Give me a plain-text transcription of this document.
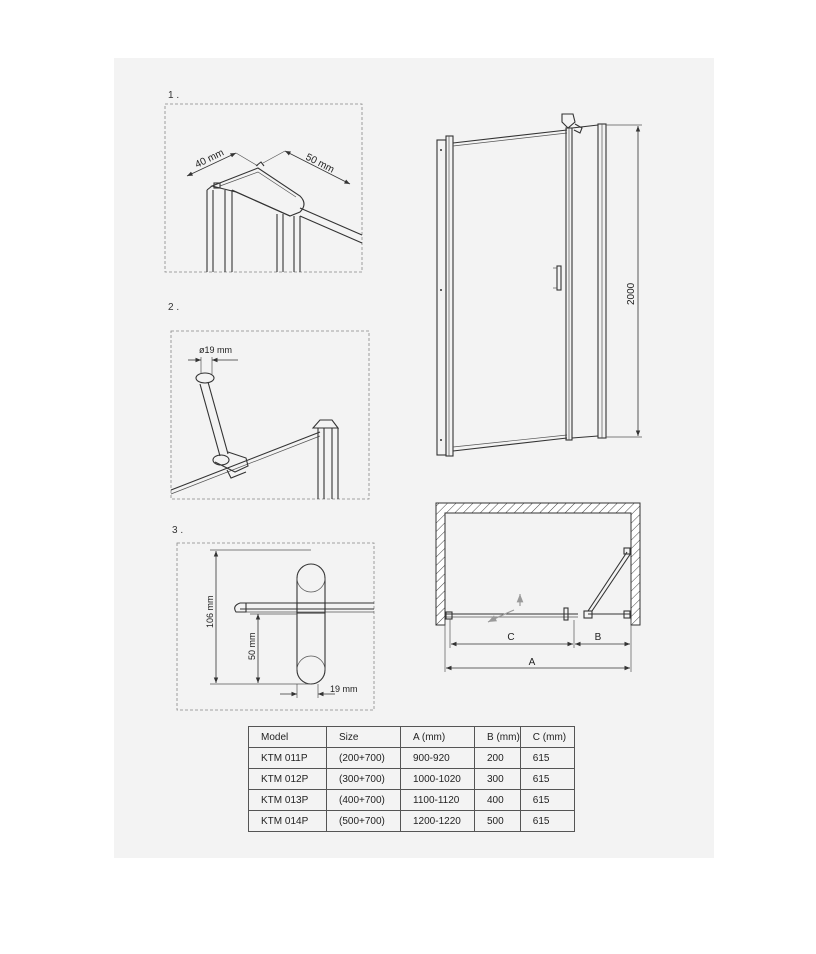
1 .
2 .
3 .
40 mm	50 mm
ø19 mm
106 mm
50 mm
19 mm
2000
C	B
A
Model	Size	A (mm)	B (mm)	C (mm)
KTM 011P	(200+700)	900-920	200	615
KTM 012P	(300+700)	1000-1020	300	615
KTM 013P	(400+700)	1100-1120	400	615
KTM 014P	(500+700)	1200-1220	500	615
